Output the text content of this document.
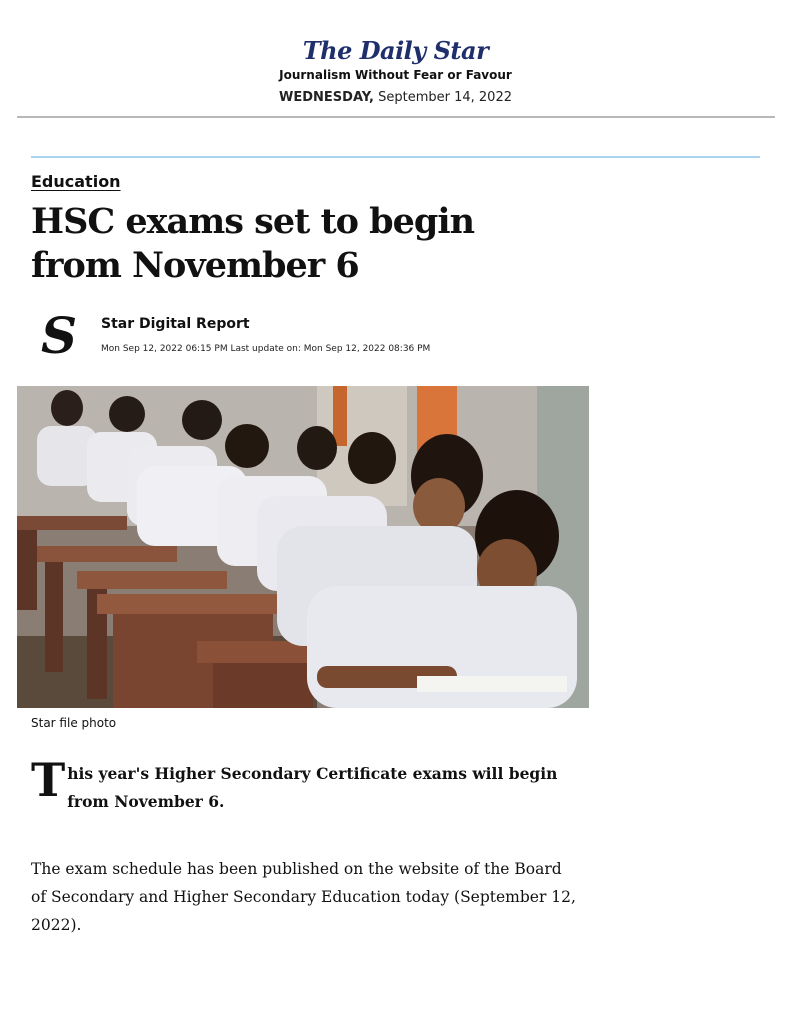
The Daily Star
Journalism Without Fear or Favour
WEDNESDAY, September 14, 2022
Education
HSC exams set to begin from November 6
S	Star Digital Report
Mon Sep 12, 2022 06:15 PM Last update on: Mon Sep 12, 2022 08:36 PM
Star file photo

This year's Higher Secondary Certificate exams will begin from November 6.

The exam schedule has been published on the website of the Board of Secondary and Higher Secondary Education today (September 12, 2022).
